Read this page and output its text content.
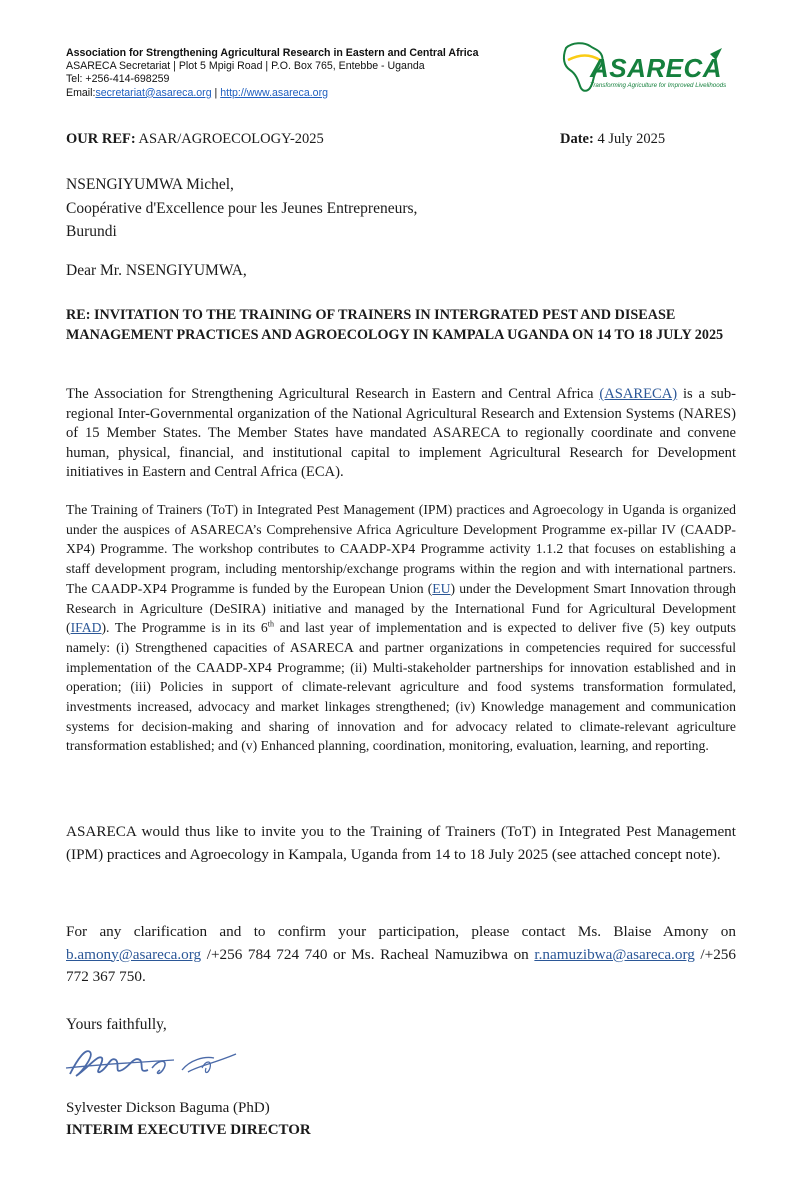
Association for Strengthening Agricultural Research in Eastern and Central Africa
ASARECA Secretariat | Plot 5 Mpigi Road | P.O. Box 765, Entebbe - Uganda
Tel: +256-414-698259
Email:secretariat@asareca.org | http://www.asareca.org
ASARECA
Transforming Agriculture for Improved Livelihoods
OUR REF: ASAR/AGROECOLOGY-2025	Date: 4 July 2025
NSENGIYUMWA Michel,
Coopérative d'Excellence pour les Jeunes Entrepreneurs,
Burundi
Dear Mr. NSENGIYUMWA,
RE: INVITATION TO THE TRAINING OF TRAINERS IN INTERGRATED PEST AND DISEASE MANAGEMENT PRACTICES AND AGROECOLOGY IN KAMPALA UGANDA ON 14 TO 18 JULY 2025
The Association for Strengthening Agricultural Research in Eastern and Central Africa (ASARECA) is a sub-regional Inter-Governmental organization of the National Agricultural Research and Extension Systems (NARES) of 15 Member States. The Member States have mandated ASARECA to regionally coordinate and convene human, physical, financial, and institutional capital to implement Agricultural Research for Development initiatives in Eastern and Central Africa (ECA).
The Training of Trainers (ToT) in Integrated Pest Management (IPM) practices and Agroecology in Uganda is organized under the auspices of ASARECA’s Comprehensive Africa Agriculture Development Programme ex-pillar IV (CAADP-XP4) Programme. The workshop contributes to CAADP-XP4 Programme activity 1.1.2 that focuses on establishing a staff development program, including mentorship/exchange programs within the region and with international partners. The CAADP-XP4 Programme is funded by the European Union (EU) under the Development Smart Innovation through Research in Agriculture (DeSIRA) initiative and managed by the International Fund for Agricultural Development (IFAD). The Programme is in its 6th and last year of implementation and is expected to deliver five (5) key outputs namely: (i) Strengthened capacities of ASARECA and partner organizations in competencies required for successful implementation of the CAADP-XP4 Programme; (ii) Multi-stakeholder partnerships for innovation established and in operation; (iii) Policies in support of climate-relevant agriculture and food systems transformation formulated, investments increased, advocacy and market linkages strengthened; (iv) Knowledge management and communication systems for decision-making and sharing of innovation and for advocacy related to climate-relevant agriculture transformation established; and (v) Enhanced planning, coordination, monitoring, evaluation, learning, and reporting.
ASARECA would thus like to invite you to the Training of Trainers (ToT) in Integrated Pest Management (IPM) practices and Agroecology in Kampala, Uganda from 14 to 18 July 2025 (see attached concept note).
For any clarification and to confirm your participation, please contact Ms. Blaise Amony on b.amony@asareca.org /+256 784 724 740 or Ms. Racheal Namuzibwa on r.namuzibwa@asareca.org /+256 772 367 750.
Yours faithfully,
Sylvester Dickson Baguma (PhD)
INTERIM EXECUTIVE DIRECTOR
